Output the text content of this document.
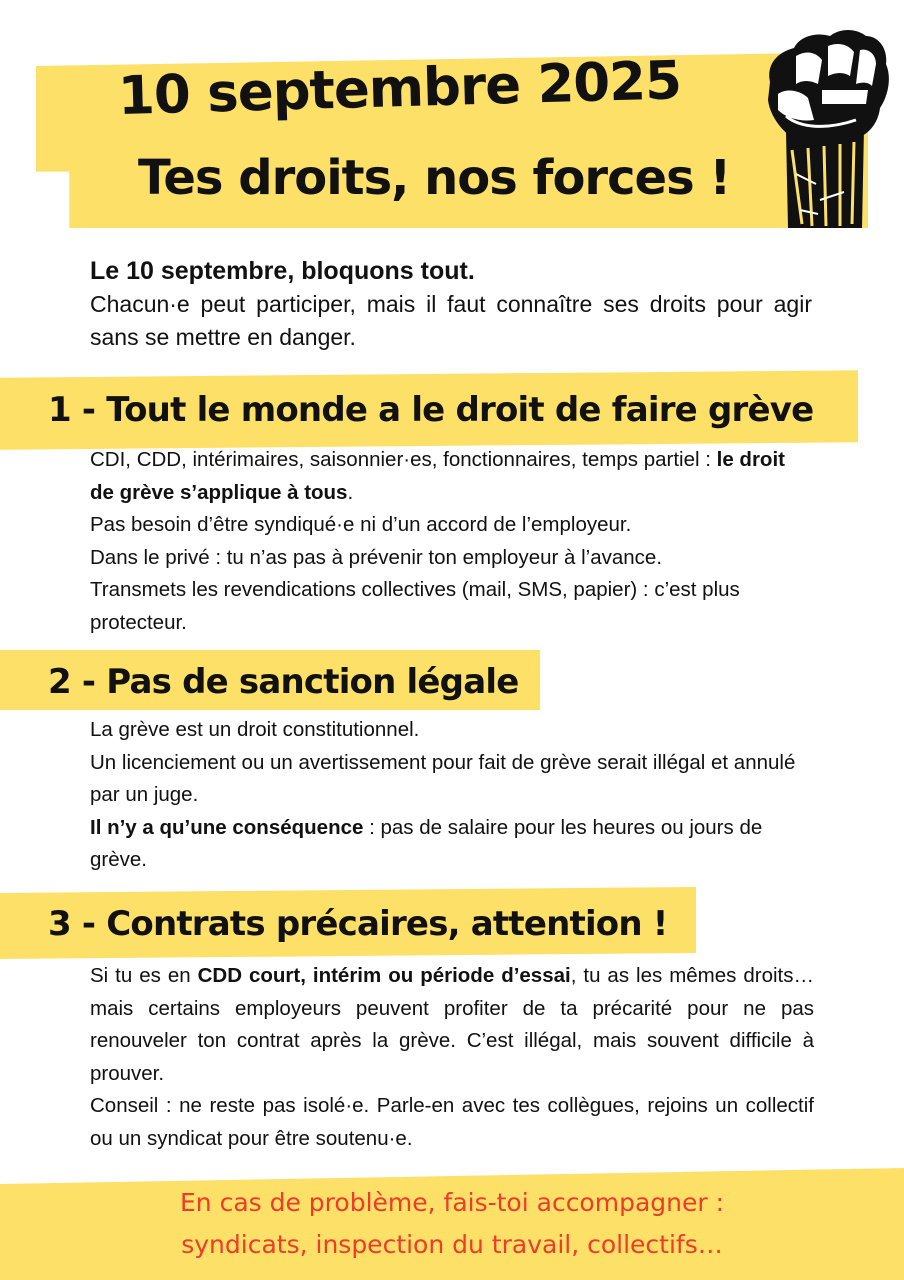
10 septembre 2025
Tes droits, nos forces !
Le 10 septembre, bloquons tout.
Chacun·e peut participer, mais il faut connaître ses droits pour agir sans se mettre en danger.
1 - Tout le monde a le droit de faire grève

CDI, CDD, intérimaires, saisonnier·es, fonctionnaires, temps partiel : le droit de grève s’applique à tous.

Pas besoin d’être syndiqué·e ni d’un accord de l’employeur.

Dans le privé : tu n’as pas à prévenir ton employeur à l’avance.

Transmets les revendications collectives (mail, SMS, papier) : c’est plus protecteur.

2 - Pas de sanction légale

La grève est un droit constitutionnel.

Un licenciement ou un avertissement pour fait de grève serait illégal et annulé par un juge.

Il n’y a qu’une conséquence : pas de salaire pour les heures ou jours de grève.

3 - Contrats précaires, attention !

Si tu es en CDD court, intérim ou période d’essai, tu as les mêmes droits… mais certains employeurs peuvent profiter de ta précarité pour ne pas renouveler ton contrat après la grève. C’est illégal, mais souvent difficile à prouver.

Conseil : ne reste pas isolé·e. Parle-en avec tes collègues, rejoins un collectif ou un syndicat pour être soutenu·e.

En cas de problème, fais-toi accompagner :
syndicats, inspection du travail, collectifs…
